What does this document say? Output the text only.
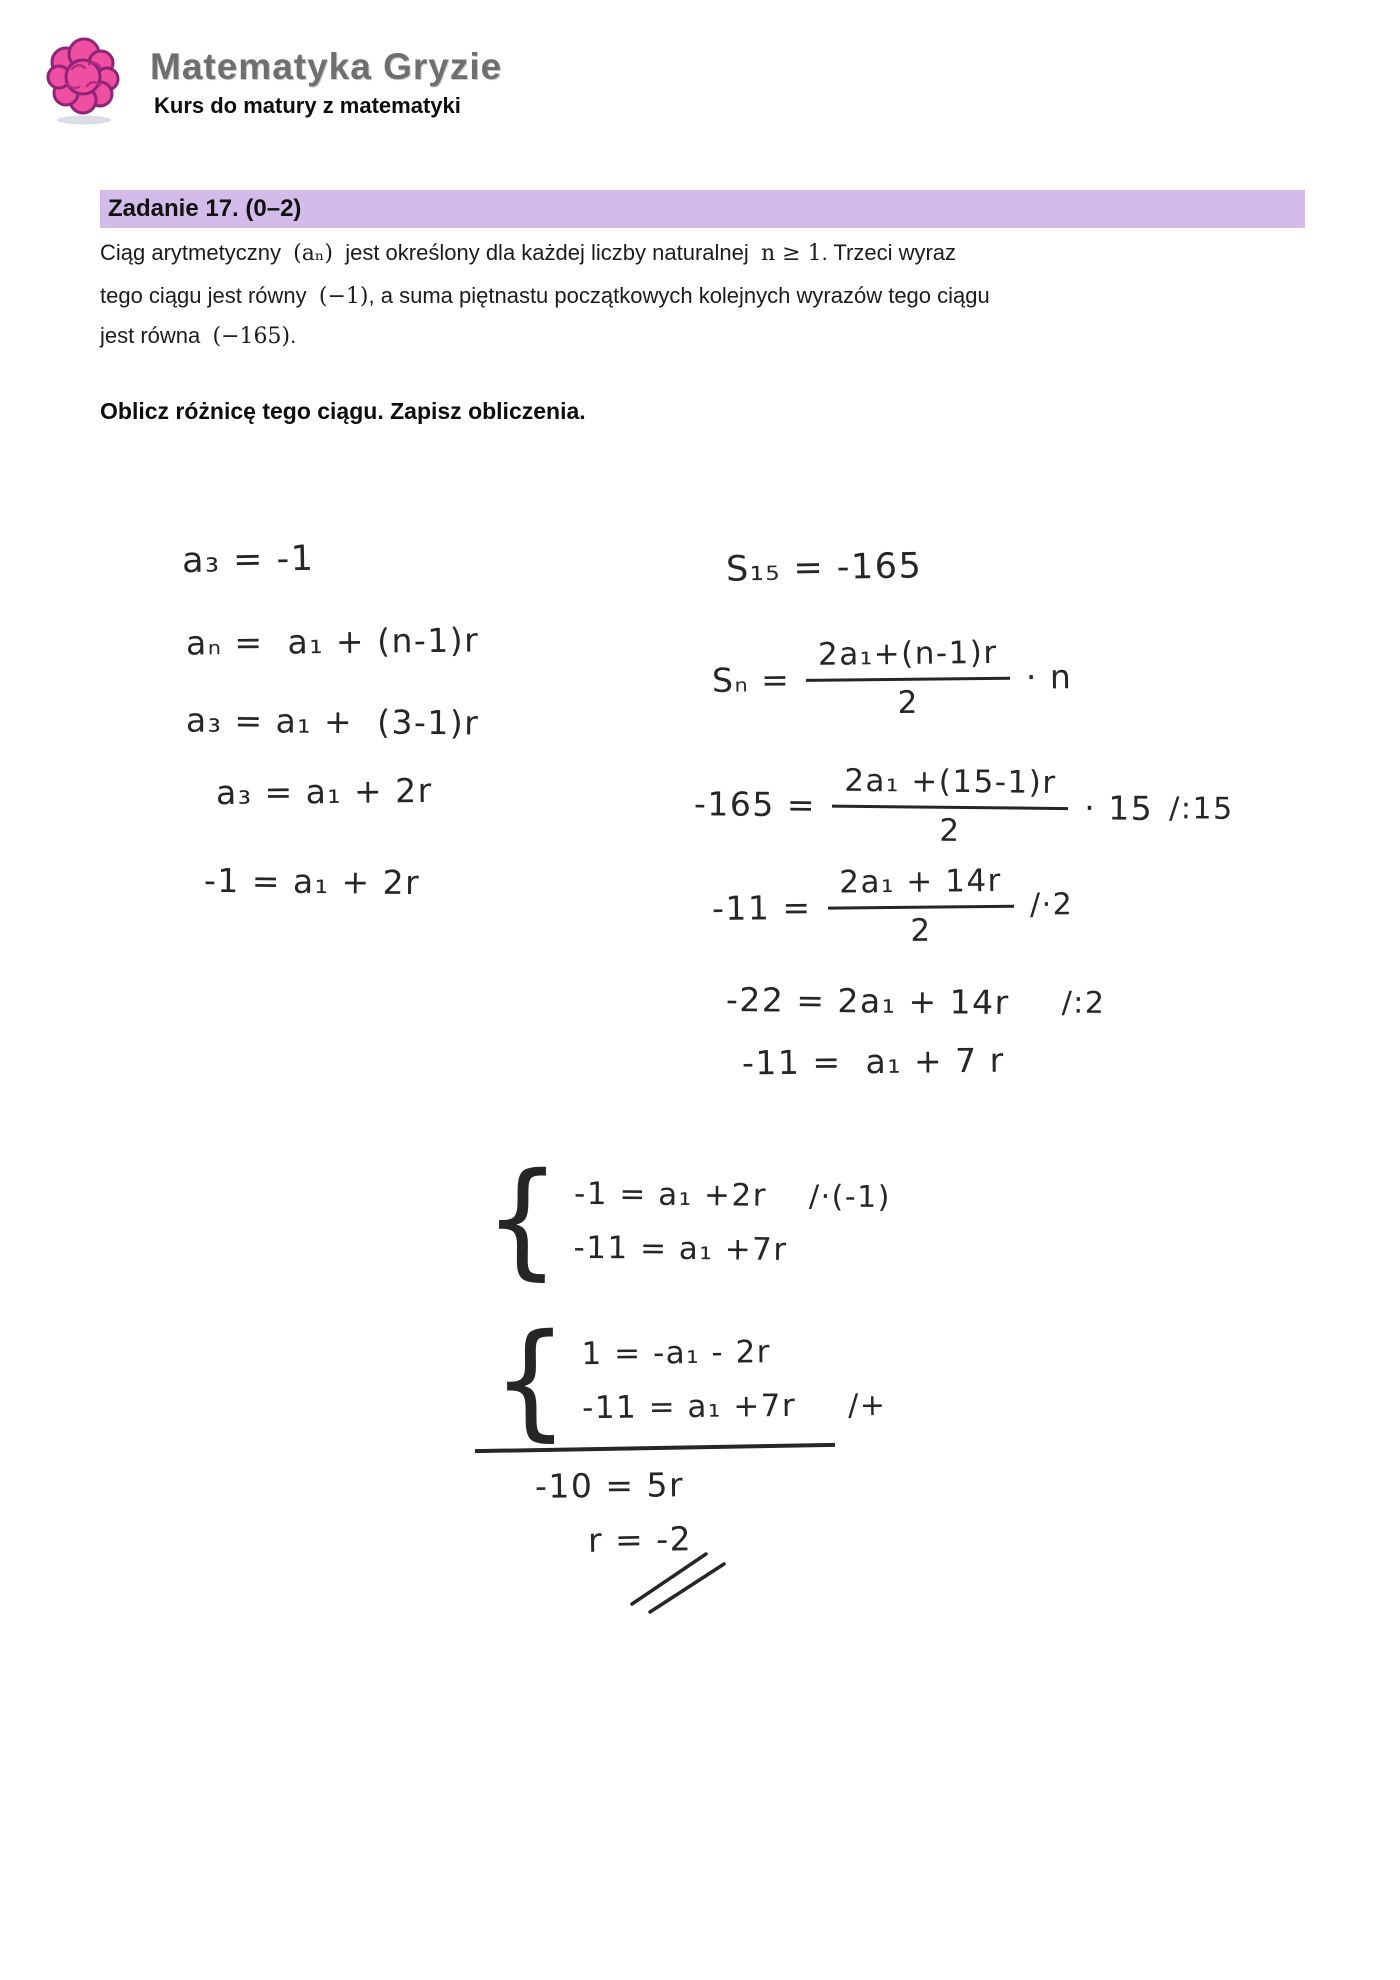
Matematyka Gryzie
Kurs do matury z matematyki
Zadanie 17. (0–2)
Ciąg arytmetyczny  (aₙ)  jest określony dla każdej liczby naturalnej  n ≥ 1. Trzeci wyraz
tego ciągu jest równy  (−1), a suma piętnastu początkowych kolejnych wyrazów tego ciągu
jest równa  (−165).
Oblicz różnicę tego ciągu. Zapisz obliczenia.
a₃ = -1
aₙ =  a₁ + (n-1)r
a₃ = a₁ +  (3-1)r
a₃ = a₁ + 2r
-1 = a₁ + 2r
S₁₅ = -165
$S_n = \frac{\text{2a₁+(n-1)r}}{2} \cdot n$
$-165 = \frac{\text{2a₁ +(15-1)r}}{2} \cdot 15$ /:15
$-11 = \frac{\text{2a₁ + 14r}}{2} /\cdot 2$
-22 = 2a₁ + 14r /:2
-11 =  a₁ + 7 r
{ -1 = a₁ +2r /·(-1)
-11 = a₁ +7r
{ 1 = -a₁ - 2r
-11 = a₁ +7r /+
-10 = 5r
r = -2
